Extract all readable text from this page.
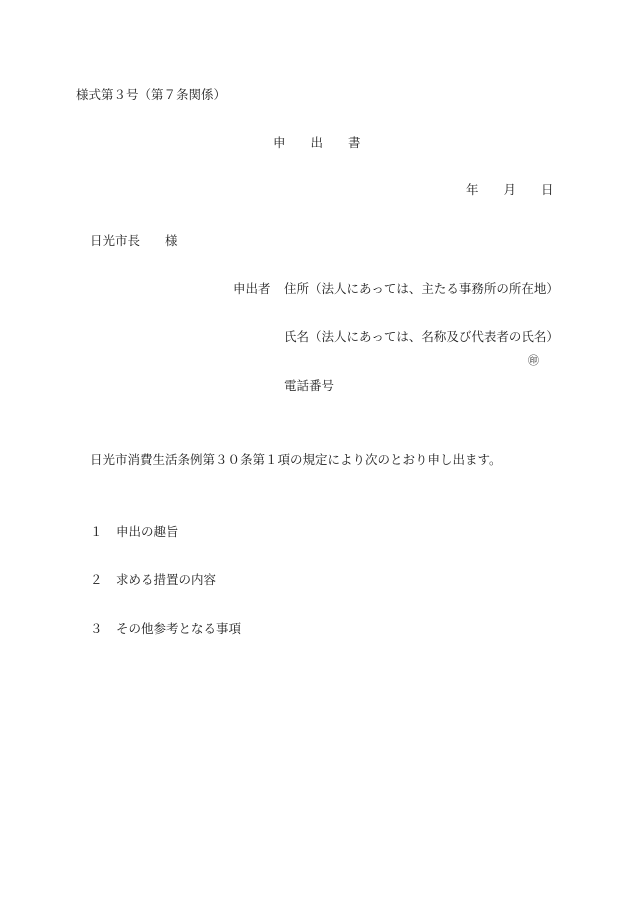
様式第３号（第７条関係）
申　　出　　書
年　　月　　日
日光市長　　様
申出者 住所（法人にあっては、主たる事務所の所在地）
氏名（法人にあっては、名称及び代表者の氏名）
㊞
電話番号
日光市消費生活条例第３０条第１項の規定により次のとおり申し出ます。
１ 申出の趣旨
２ 求める措置の内容
３ その他参考となる事項
